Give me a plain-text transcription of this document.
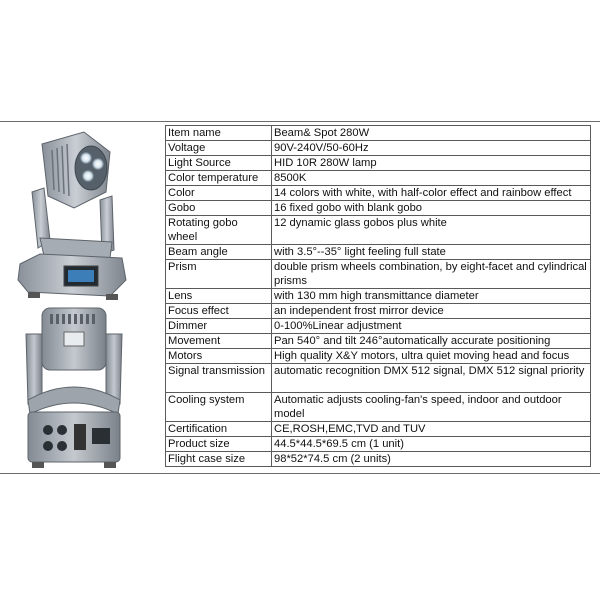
Item name	Beam& Spot 280W
Voltage	90V-240V/50-60Hz
Light Source	HID 10R 280W lamp
Color temperature	8500K
Color	14 colors with white, with half-color effect and rainbow effect
Gobo	16 fixed gobo with blank gobo
Rotating gobo wheel	12 dynamic glass gobos plus white
Beam angle	with 3.5°--35° light feeling full state
Prism	double prism wheels combination, by eight-facet and cylindrical prisms
Lens	with 130 mm high transmittance diameter
Focus effect	an independent frost mirror device
Dimmer	0-100%Linear adjustment
Movement	Pan 540° and tilt 246°automatically accurate positioning
Motors	High quality X&Y motors, ultra quiet moving head and focus
Signal transmission	automatic recognition DMX 512 signal, DMX 512 signal priority
Cooling system	Automatic adjusts cooling-fan's speed, indoor and outdoor model
Certification	CE,ROSH,EMC,TVD and TUV
Product size	44.5*44.5*69.5 cm (1 unit)
Flight case size	98*52*74.5 cm (2 units)
